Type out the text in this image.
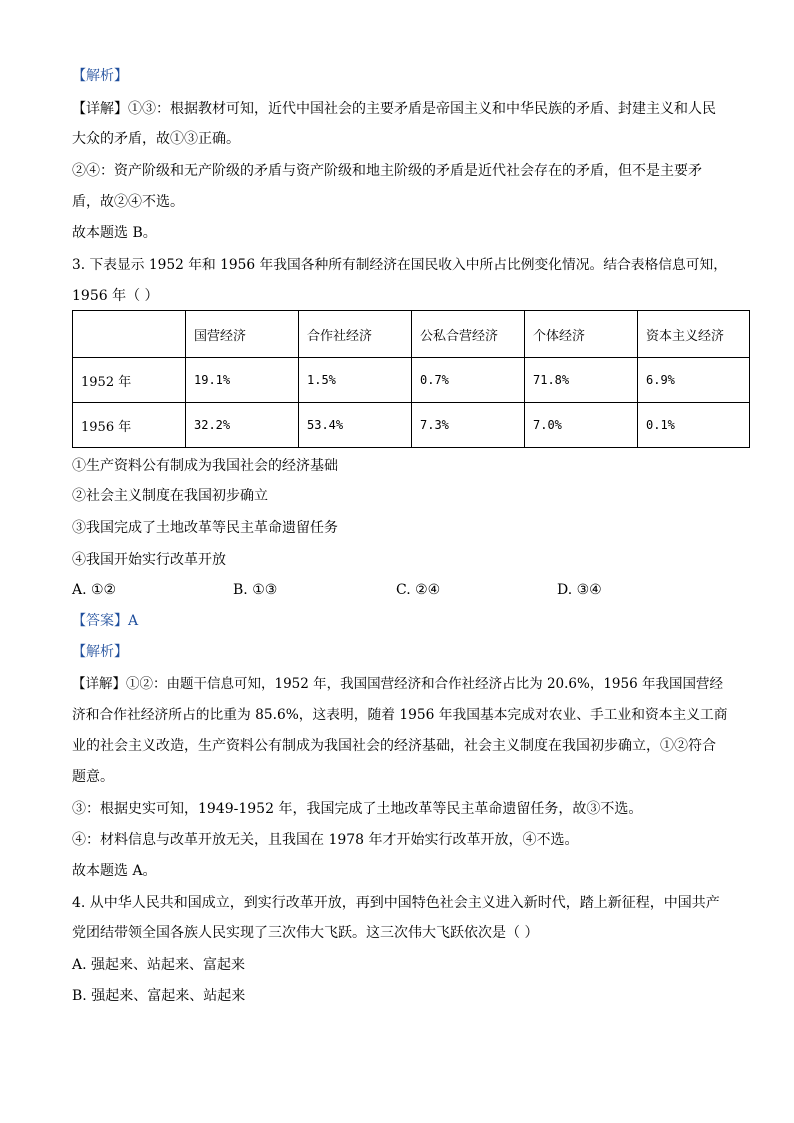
【解析】
【详解】①③：根据教材可知，近代中国社会的主要矛盾是帝国主义和中华民族的矛盾、封建主义和人民
大众的矛盾，故①③正确。
②④：资产阶级和无产阶级的矛盾与资产阶级和地主阶级的矛盾是近代社会存在的矛盾，但不是主要矛
盾，故②④不选。
故本题选 B。
3. 下表显示 1952 年和 1956 年我国各种所有制经济在国民收入中所占比例变化情况。结合表格信息可知，
1956 年（ ）
	国营经济	合作社经济	公私合营经济	个体经济	资本主义经济
1952 年	19.1%	1.5%	0.7%	71.8%	6.9%
1956 年	32.2%	53.4%	7.3%	7.0%	0.1%
①生产资料公有制成为我国社会的经济基础
②社会主义制度在我国初步确立
③我国完成了土地改革等民主革命遗留任务
④我国开始实行改革开放
A. ①②	B. ①③	C. ②④	D. ③④
【答案】A
【解析】
【详解】①②：由题干信息可知，1952 年，我国国营经济和合作社经济占比为 20.6%，1956 年我国国营经
济和合作社经济所占的比重为 85.6%，这表明，随着 1956 年我国基本完成对农业、手工业和资本主义工商
业的社会主义改造，生产资料公有制成为我国社会的经济基础，社会主义制度在我国初步确立，①②符合
题意。
③：根据史实可知，1949-1952 年，我国完成了土地改革等民主革命遗留任务，故③不选。
④：材料信息与改革开放无关，且我国在 1978 年才开始实行改革开放，④不选。
故本题选 A。
4. 从中华人民共和国成立，到实行改革开放，再到中国特色社会主义进入新时代，踏上新征程，中国共产
党团结带领全国各族人民实现了三次伟大飞跃。这三次伟大飞跃依次是（ ）
A. 强起来、站起来、富起来
B. 强起来、富起来、站起来
